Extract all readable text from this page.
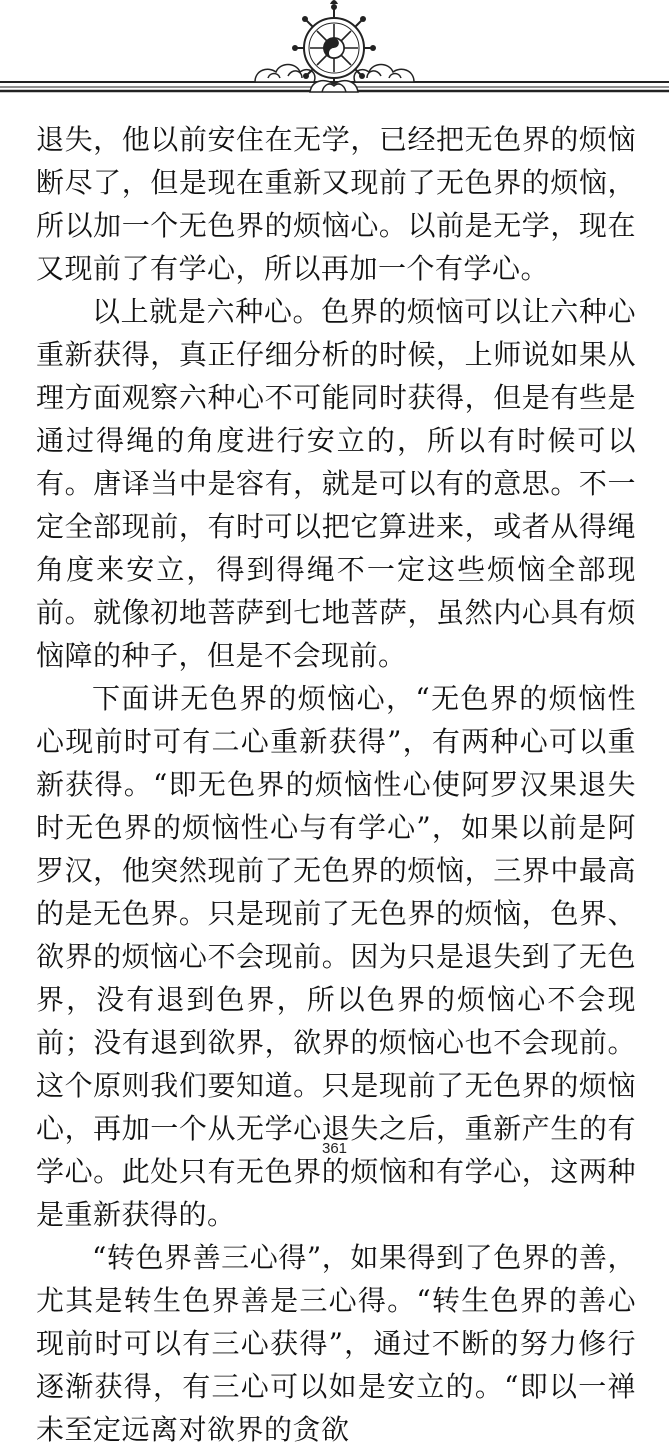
退失，他以前安住在无学，已经把无色界的烦恼断尽了，但是现在重新又现前了无色界的烦恼，所以加一个无色界的烦恼心。以前是无学，现在又现前了有学心，所以再加一个有学心。

以上就是六种心。色界的烦恼可以让六种心重新获得，真正仔细分析的时候，上师说如果从理方面观察六种心不可能同时获得，但是有些是通过得绳的角度进行安立的，所以有时候可以有。唐译当中是容有，就是可以有的意思。不一定全部现前，有时可以把它算进来，或者从得绳角度来安立，得到得绳不一定这些烦恼全部现前。就像初地菩萨到七地菩萨，虽然内心具有烦恼障的种子，但是不会现前。

下面讲无色界的烦恼心，“无色界的烦恼性心现前时可有二心重新获得”，有两种心可以重新获得。“即无色界的烦恼性心使阿罗汉果退失时无色界的烦恼性心与有学心”，如果以前是阿罗汉，他突然现前了无色界的烦恼，三界中最高的是无色界。只是现前了无色界的烦恼，色界、欲界的烦恼心不会现前。因为只是退失到了无色界，没有退到色界，所以色界的烦恼心不会现前；没有退到欲界，欲界的烦恼心也不会现前。这个原则我们要知道。只是现前了无色界的烦恼心，再加一个从无学心退失之后，重新产生的有学心。此处只有无色界的烦恼和有学心，这两种是重新获得的。

“转色界善三心得”，如果得到了色界的善，尤其是转生色界善是三心得。“转生色界的善心现前时可以有三心获得”，通过不断的努力修行逐渐获得，有三心可以如是安立的。“即以一禅未至定远离对欲界的贪欲

361
